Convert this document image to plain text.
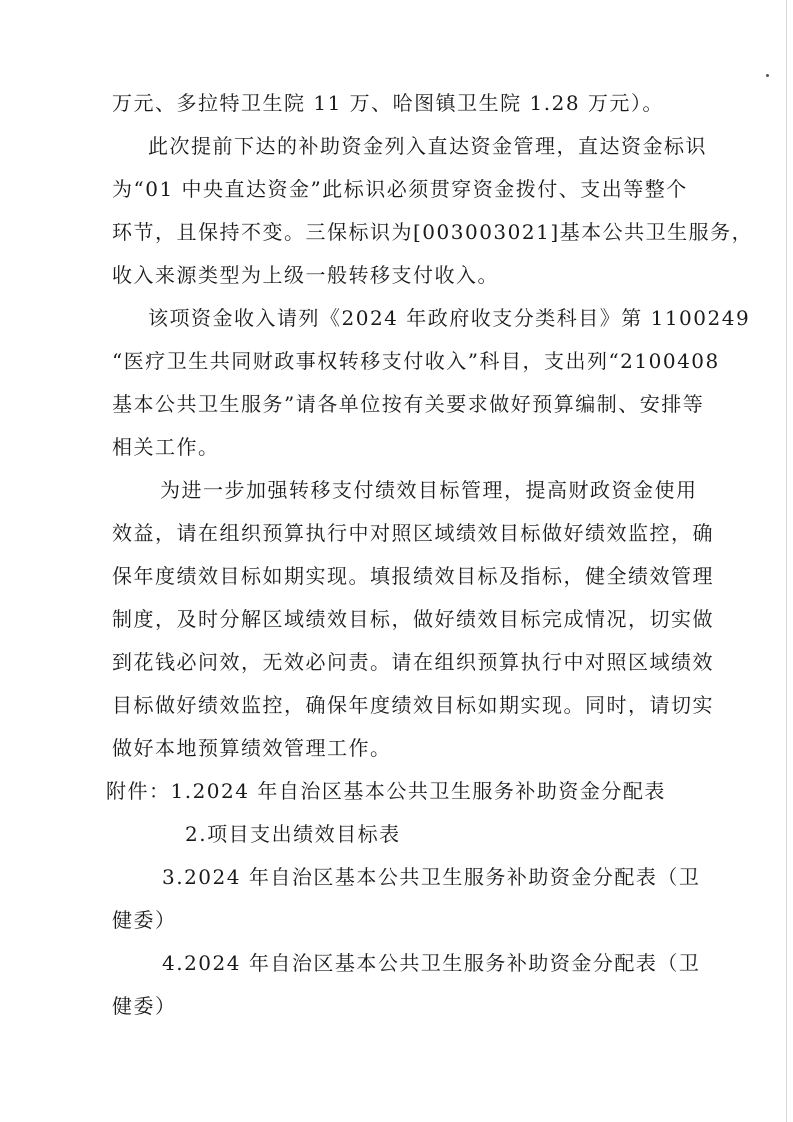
万元、多拉特卫生院 11 万、哈图镇卫生院 1.28 万元）。
此次提前下达的补助资金列入直达资金管理，直达资金标识
为“01 中央直达资金”此标识必须贯穿资金拨付、支出等整个
环节，且保持不变。三保标识为[003003021]基本公共卫生服务，
收入来源类型为上级一般转移支付收入。
该项资金收入请列《2024 年政府收支分类科目》第 1100249
“医疗卫生共同财政事权转移支付收入”科目，支出列“2100408
基本公共卫生服务”请各单位按有关要求做好预算编制、安排等
相关工作。
为进一步加强转移支付绩效目标管理，提高财政资金使用
效益，请在组织预算执行中对照区域绩效目标做好绩效监控，确
保年度绩效目标如期实现。填报绩效目标及指标，健全绩效管理
制度，及时分解区域绩效目标，做好绩效目标完成情况，切实做
到花钱必问效，无效必问责。请在组织预算执行中对照区域绩效
目标做好绩效监控，确保年度绩效目标如期实现。同时，请切实
做好本地预算绩效管理工作。
附件：1.2024 年自治区基本公共卫生服务补助资金分配表
2.项目支出绩效目标表
3.2024 年自治区基本公共卫生服务补助资金分配表（卫
健委）
4.2024 年自治区基本公共卫生服务补助资金分配表（卫
健委）
